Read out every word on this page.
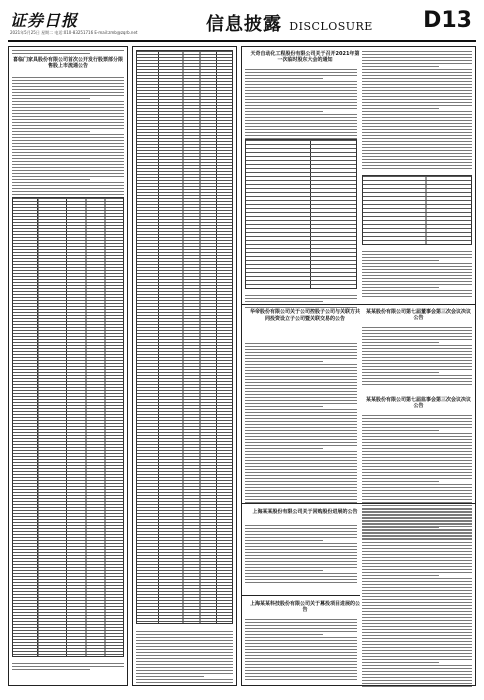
证券日报
2021年5月25日 星期二 电话:010-83251716 E-mail:zmb@zqrb.net	信息披露 DISCLOSURE D13
喜临门家具股份有限公司首次公开发行股票部分限售股上市流通公告
天奇自动化工程股份有限公司关于召开2021年第一次临时股东大会的通知
华帝股份有限公司关于公司控股子公司与关联方共同投资设立子公司暨关联交易的公告
某某股份有限公司第七届董事会第三次会议决议公告
某某股份有限公司第七届监事会第三次会议决议公告
上海某某股份有限公司关于回购股份进展的公告
上海某某科技股份有限公司关于募投项目进展的公告
